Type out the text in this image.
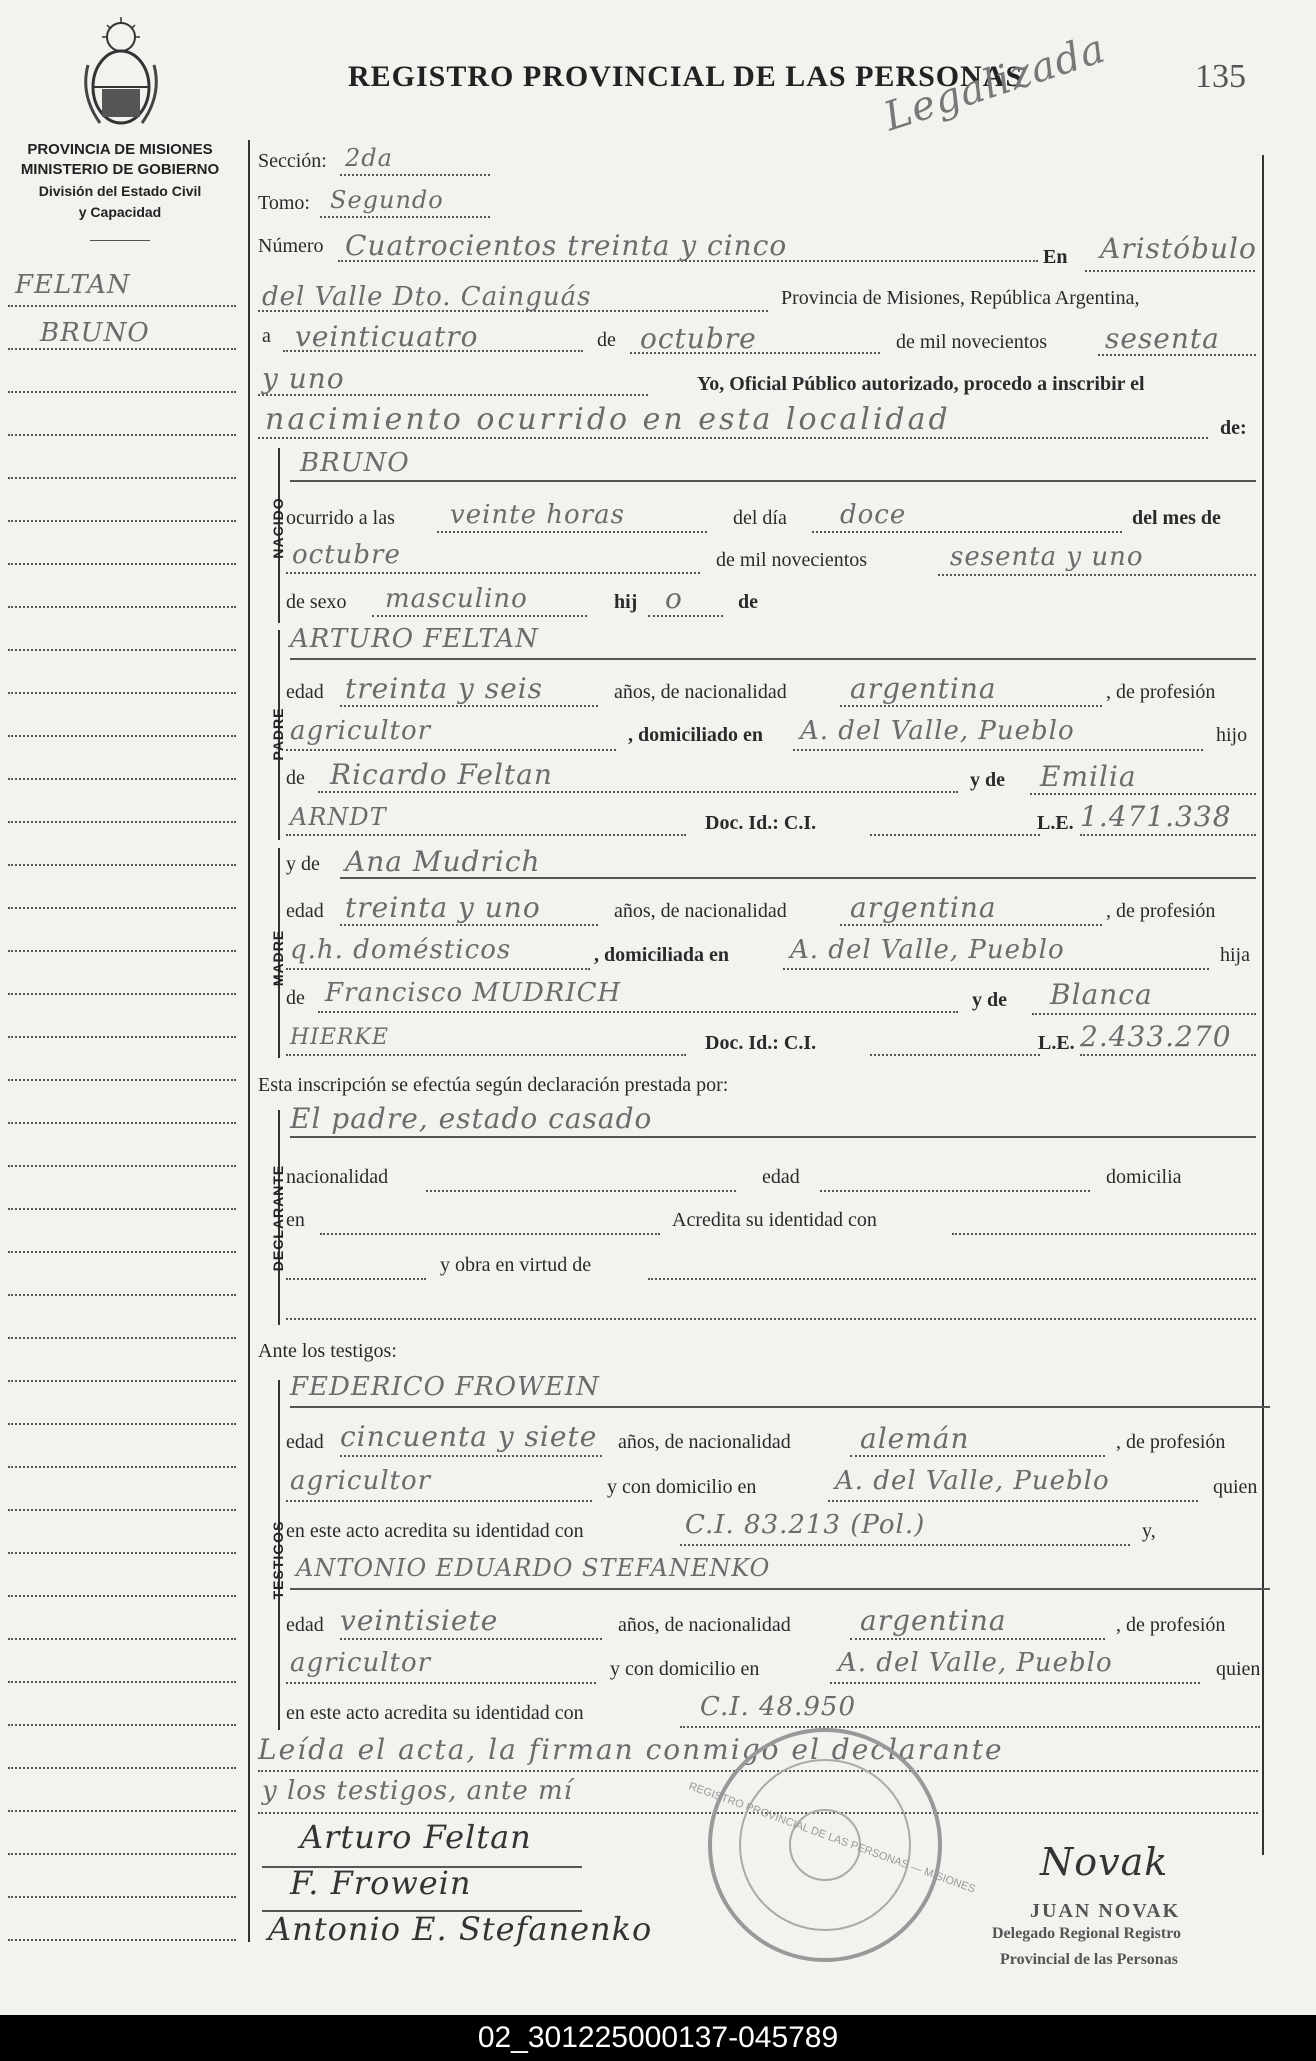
REGISTRO PROVINCIAL DE LAS PERSONAS	135
Legalizada
PROVINCIA DE MISIONES
MINISTERIO DE GOBIERNO
División del Estado Civil
y Capacidad
FELTAN
BRUNO
Sección: 2da
Tomo: Segundo
Número Cuatrocientos treinta y cinco	En Aristóbulo
del Valle Dto. Cainguás	Provincia de Misiones, República Argentina,
a veinticuatro	de octubre	de mil novecientos sesenta
y uno	Yo, Oficial Público autorizado, procedo a inscribir el
nacimiento ocurrido en esta localidad	de:
NACIDO
BRUNO
ocurrido a las veinte horas	del día doce	del mes de
octubre	de mil novecientos	sesenta y uno
de sexo masculino	hij o	de
PADRE
ARTURO FELTAN
edad treinta y seis	años, de nacionalidad argentina	, de profesión
agricultor	, domiciliado en A. del Valle, Pueblo	hijo
de Ricardo Feltan	y de Emilia
ARNDT	Doc. Id.: C.I.	L.E. 1.471.338
MADRE
y de Ana Mudrich
edad treinta y uno	años, de nacionalidad argentina	, de profesión
q.h. domésticos	, domiciliada en A. del Valle, Pueblo	hija
de Francisco MUDRICH	y de Blanca
HIERKE	Doc. Id.: C.I.	L.E. 2.433.270
Esta inscripción se efectúa según declaración prestada por:
DECLARANTE
El padre, estado casado
nacionalidad	edad	domicilia
en	Acredita su identidad con
y obra en virtud de
Ante los testigos:
TESTIGOS
FEDERICO FROWEIN
edad cincuenta y siete años, de nacionalidad alemán	, de profesión
agricultor	y con domicilio en	A. del Valle, Pueblo	quien
en este acto acredita su identidad con	C.I. 83.213 (Pol.)	y,
ANTONIO EDUARDO STEFANENKO
edad veintisiete	años, de nacionalidad argentina	, de profesión
agricultor	y con domicilio en	A. del Valle, Pueblo	quien
en este acto acredita su identidad con	C.I. 48.950
Leída el acta, la firman conmigo el declarante
y los testigos, ante mí
Arturo Feltan
F. Frowein
Antonio E. Stefanenko
REGISTRO PROVINCIAL DE LAS PERSONAS — MISIONES Novak
JUAN NOVAK
Delegado Regional Registro
Provincial de las Personas
02_301225000137-045789
